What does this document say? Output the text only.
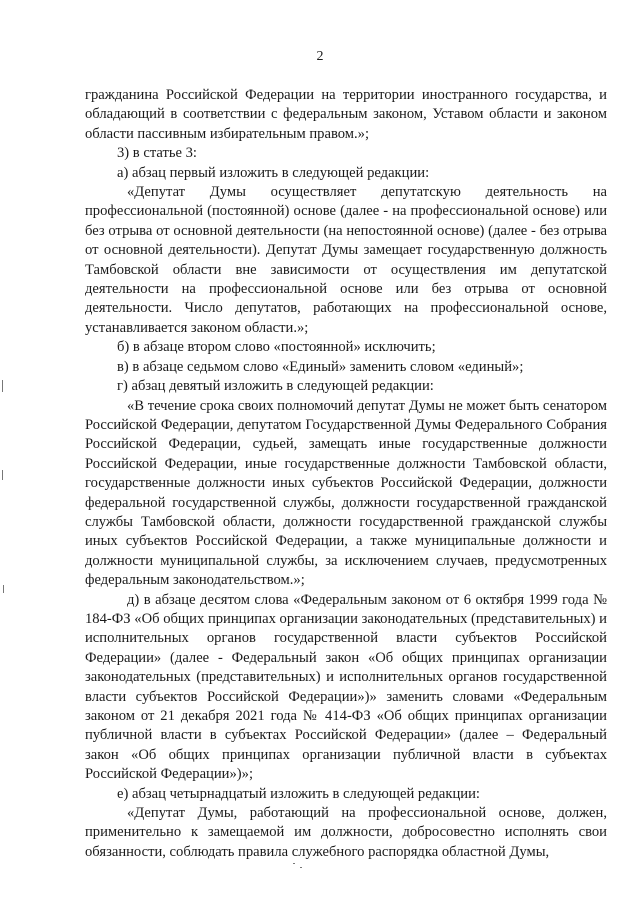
2

гражданина Российской Федерации на территории иностранного государства, и обладающий в соответствии с федеральным законом, Уставом области и законом области пассивным избирательным правом.»;

3) в статье 3:

а) абзац первый изложить в следующей редакции:

«Депутат Думы осуществляет депутатскую деятельность на профессиональной (постоянной) основе (далее - на профессиональной основе) или без отрыва от основной деятельности (на непостоянной основе) (далее - без отрыва от основной деятельности). Депутат Думы замещает государственную должность Тамбовской области вне зависимости от осуществления им депутатской деятельности на профессиональной основе или без отрыва от основной деятельности. Число депутатов, работающих на профессиональной основе, устанавливается законом области.»;

б) в абзаце втором слово «постоянной» исключить;

в) в абзаце седьмом слово «Единый» заменить словом «единый»;

г) абзац девятый изложить в следующей редакции:

«В течение срока своих полномочий депутат Думы не может быть сенатором Российской Федерации, депутатом Государственной Думы Федерального Собрания Российской Федерации, судьей, замещать иные государственные должности Российской Федерации, иные государственные должности Тамбовской области, государственные должности иных субъектов Российской Федерации, должности федеральной государственной службы, должности государственной гражданской службы Тамбовской области, должности государственной гражданской службы иных субъектов Российской Федерации, а также муниципальные должности и должности муниципальной службы, за исключением случаев, предусмотренных федеральным законодательством.»;

д) в абзаце десятом слова «Федеральным законом от 6 октября 1999 года № 184-ФЗ «Об общих принципах организации законодательных (представительных) и исполнительных органов государственной власти субъектов Российской Федерации» (далее - Федеральный закон «Об общих принципах организации законодательных (представительных) и исполнительных органов государственной власти субъектов Российской Федерации»)» заменить словами «Федеральным законом от 21 декабря 2021 года № 414-ФЗ «Об общих принципах организации публичной власти в субъектах Российской Федерации» (далее – Федеральный закон «Об общих принципах организации публичной власти в субъектах Российской Федерации»)»;

е) абзац четырнадцатый изложить в следующей редакции:

«Депутат Думы, работающий на профессиональной основе, должен, применительно к замещаемой им должности, добросовестно исполнять свои обязанности, соблюдать правила служебного распорядка областной Думы,
